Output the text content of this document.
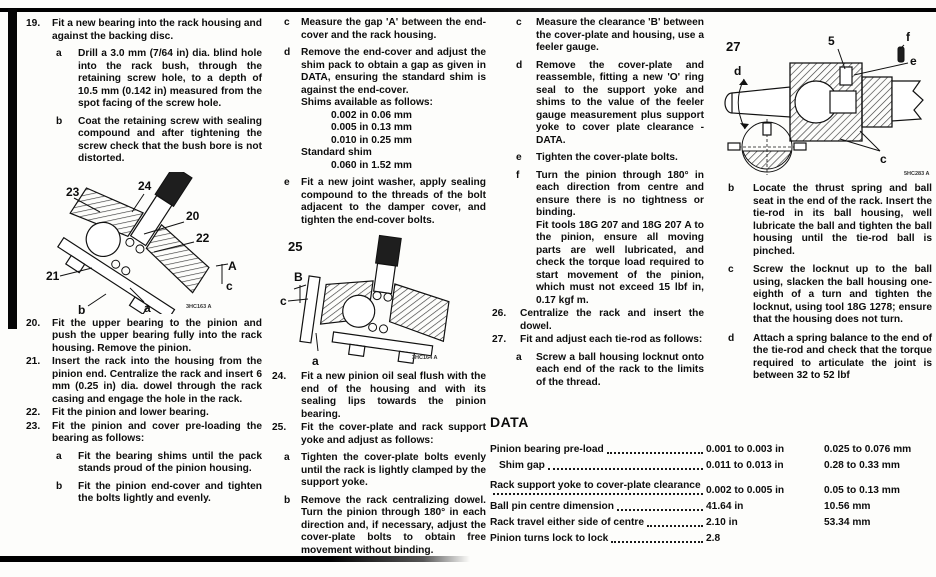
19.	Fit a new bearing into the rack housing and against the backing disc.
a	Drill a 3.0 mm (7/64 in) dia. blind hole into the rack bush, through the retaining screw hole, to a depth of 10.5 mm (0.142 in) measured from the spot facing of the screw hole.
b	Coat the retaining screw with sealing compound and after tightening the screw check that the bush bore is not distorted.
23	24
20
22
21
A
c
a
b	3HC163 A
20.	Fit the upper bearing to the pinion and push the upper bearing fully into the rack housing. Remove the pinion.
21.	Insert the rack into the housing from the pinion end. Centralize the rack and insert 6 mm (0.25 in) dia. dowel through the rack casing and engage the hole in the rack.
22.	Fit the pinion and lower bearing.
23.	Fit the pinion and cover pre-loading the bearing as follows:
a	Fit the bearing shims until the pack stands proud of the pinion housing.
b	Fit the pinion end-cover and tighten the bolts lightly and evenly.
c	Measure the gap 'A' between the end-cover and the rack housing.
d	Remove the end-cover and adjust the shim pack to obtain a gap as given in DATA, ensuring the standard shim is against the end-cover.
Shims available as follows:
0.002 in 0.06 mm
0.005 in 0.13 mm
0.010 in 0.25 mm
Standard shim
0.060 in 1.52 mm
e	Fit a new joint washer, apply sealing compound to the threads of the bolt adjacent to the damper cover, and tighten the end-cover bolts.
25
B
c
a	3HC164 A
24.	Fit a new pinion oil seal flush with the end of the housing and with its sealing lips towards the pinion bearing.
25.	Fit the cover-plate and rack support yoke and adjust as follows:
a	Tighten the cover-plate bolts evenly until the rack is lightly clamped by the support yoke.
b	Remove the rack centralizing dowel. Turn the pinion through 180° in each direction and, if necessary, adjust the cover-plate bolts to obtain free movement without binding.
c	Measure the clearance 'B' between the cover-plate and housing, use a feeler gauge.
d	Remove the cover-plate and reassemble, fitting a new 'O' ring seal to the support yoke and shims to the value of the feeler gauge measurement plus support yoke to cover plate clearance - DATA.
e	Tighten the cover-plate bolts.
f	Turn the pinion through 180° in each direction from centre and ensure there is no tightness or binding.
Fit tools 18G 207 and 18G 207 A to the pinion, ensure all moving parts are well lubricated, and check the torque load required to start movement of the pinion, which must not exceed 15 lbf in, 0.17 kgf m.
26.	Centralize the rack and insert the dowel.
27.	Fit and adjust each tie-rod as follows:
a	Screw a ball housing locknut onto each end of the rack to the limits of the thread.
27	5	f
e
d
c
5HC283 A
b	Locate the thrust spring and ball seat in the end of the rack. Insert the tie-rod in its ball housing, well lubricate the ball and tighten the ball housing until the tie-rod ball is pinched.
c	Screw the locknut up to the ball using, slacken the ball housing one-eighth of a turn and tighten the locknut, using tool 18G 1278; ensure that the housing does not turn.
d	Attach a spring balance to the end of the tie-rod and check that the torque required to articulate the joint is between 32 to 52 lbf
DATA
Pinion bearing pre-load	0.001 to 0.003 in	0.025 to 0.076 mm
Shim gap	0.011 to 0.013 in	0.28 to 0.33 mm
Rack support yoke to cover-plate clearance 0.002 to 0.005 in	0.05 to 0.13 mm
Ball pin centre dimension	41.64 in	10.56 mm
Rack travel either side of centre	2.10 in	53.34 mm
Pinion turns lock to lock	2.8
